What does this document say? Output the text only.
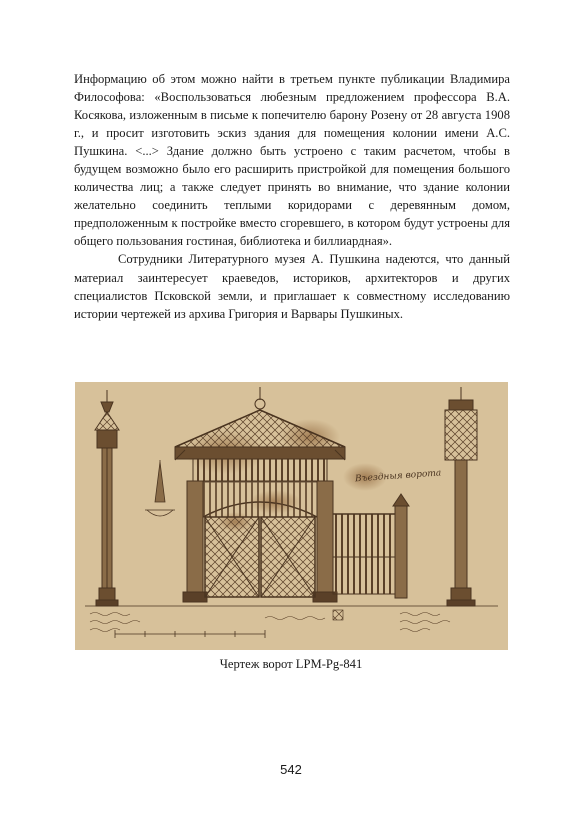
Информацию об этом можно найти в третьем пункте публикации Владимира Философова: «Воспользоваться любезным предложением профессора В.А. Косякова, изложенным в письме к попечителю барону Розену от 28 августа 1908 г., и просит изготовить эскиз здания для помещения колонии имени А.С. Пушкина. <...> Здание должно быть устроено с таким расчетом, чтобы в будущем возможно было его расширить пристройкой для помещения большого количества лиц; а также следует принять во внимание, что здание колонии желательно соединить теплыми коридорами с деревянным домом, предположенным к постройке вместо сгоревшего, в котором будут устроены для общего пользования гостиная, библиотека и биллиардная».

Сотрудники Литературного музея А. Пушкина надеются, что данный материал заинтересует краеведов, историков, архитекторов и других специалистов Псковской земли, и приглашает к совместному исследованию истории чертежей из архива Григория и Варвары Пушкиных.

Въездныя ворота
Чертеж ворот LPM-Pg-841
542
